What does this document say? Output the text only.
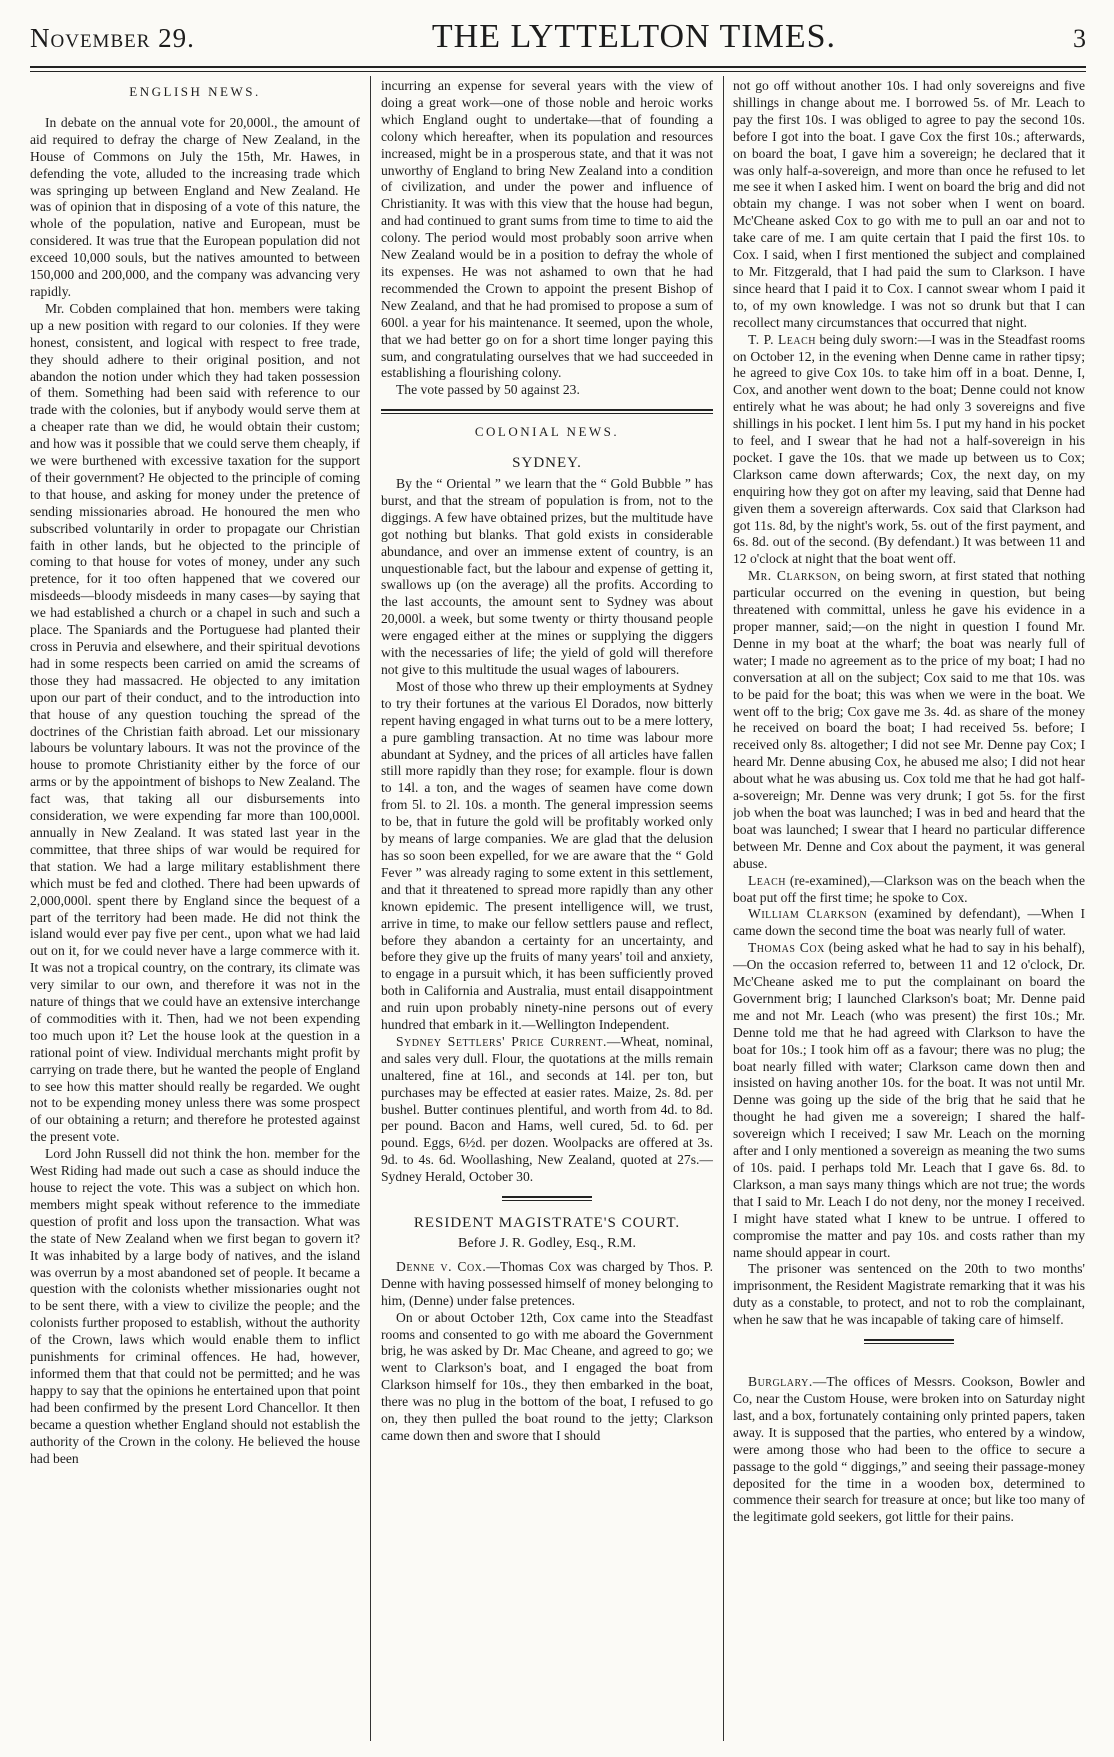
November 29.	THE LYTTELTON TIMES.	3
ENGLISH NEWS.

In debate on the annual vote for 20,000l., the amount of aid required to defray the charge of New Zealand, in the House of Commons on July the 15th, Mr. Hawes, in defending the vote, alluded to the increasing trade which was springing up between England and New Zealand. He was of opinion that in disposing of a vote of this nature, the whole of the population, native and European, must be considered. It was true that the European population did not exceed 10,000 souls, but the natives amounted to between 150,000 and 200,000, and the company was advancing very rapidly.

Mr. Cobden complained that hon. members were taking up a new position with regard to our colonies. If they were honest, consistent, and logical with respect to free trade, they should adhere to their original position, and not abandon the notion under which they had taken possession of them. Something had been said with reference to our trade with the colonies, but if anybody would serve them at a cheaper rate than we did, he would obtain their custom; and how was it possible that we could serve them cheaply, if we were burthened with excessive taxation for the support of their government? He objected to the principle of coming to that house, and asking for money under the pretence of sending missionaries abroad. He honoured the men who subscribed voluntarily in order to propagate our Christian faith in other lands, but he objected to the principle of coming to that house for votes of money, under any such pretence, for it too often happened that we covered our misdeeds—bloody misdeeds in many cases—by saying that we had established a church or a chapel in such and such a place. The Spaniards and the Portuguese had planted their cross in Peruvia and elsewhere, and their spiritual devotions had in some respects been carried on amid the screams of those they had massacred. He objected to any imitation upon our part of their conduct, and to the introduction into that house of any question touching the spread of the doctrines of the Christian faith abroad. Let our missionary labours be voluntary labours. It was not the province of the house to promote Christianity either by the force of our arms or by the appointment of bishops to New Zealand. The fact was, that taking all our disbursements into consideration, we were expending far more than 100,000l. annually in New Zealand. It was stated last year in the committee, that three ships of war would be required for that station. We had a large military establishment there which must be fed and clothed. There had been upwards of 2,000,000l. spent there by England since the bequest of a part of the territory had been made. He did not think the island would ever pay five per cent., upon what we had laid out on it, for we could never have a large commerce with it. It was not a tropical country, on the contrary, its climate was very similar to our own, and therefore it was not in the nature of things that we could have an extensive interchange of commodities with it. Then, had we not been expending too much upon it? Let the house look at the question in a rational point of view. Individual merchants might profit by carrying on trade there, but he wanted the people of England to see how this matter should really be regarded. We ought not to be expending money unless there was some prospect of our obtaining a return; and therefore he protested against the present vote.

Lord John Russell did not think the hon. member for the West Riding had made out such a case as should induce the house to reject the vote. This was a subject on which hon. members might speak without reference to the immediate question of profit and loss upon the transaction. What was the state of New Zealand when we first began to govern it? It was inhabited by a large body of natives, and the island was overrun by a most abandoned set of people. It became a question with the colonists whether missionaries ought not to be sent there, with a view to civilize the people; and the colonists further proposed to establish, without the authority of the Crown, laws which would enable them to inflict punishments for criminal offences. He had, however, informed them that that could not be permitted; and he was happy to say that the opinions he entertained upon that point had been confirmed by the present Lord Chancellor. It then became a question whether England should not establish the authority of the Crown in the colony. He believed the house had been

incurring an expense for several years with the view of doing a great work—one of those noble and heroic works which England ought to undertake—that of founding a colony which hereafter, when its population and resources increased, might be in a prosperous state, and that it was not unworthy of England to bring New Zealand into a condition of civilization, and under the power and influence of Christianity. It was with this view that the house had begun, and had continued to grant sums from time to time to aid the colony. The period would most probably soon arrive when New Zealand would be in a position to defray the whole of its expenses. He was not ashamed to own that he had recommended the Crown to appoint the present Bishop of New Zealand, and that he had promised to propose a sum of 600l. a year for his maintenance. It seemed, upon the whole, that we had better go on for a short time longer paying this sum, and congratulating ourselves that we had succeeded in establishing a flourishing colony.

The vote passed by 50 against 23.

COLONIAL NEWS.
SYDNEY.

By the “ Oriental ” we learn that the “ Gold Bubble ” has burst, and that the stream of population is from, not to the diggings. A few have obtained prizes, but the multitude have got nothing but blanks. That gold exists in considerable abundance, and over an immense extent of country, is an unquestionable fact, but the labour and expense of getting it, swallows up (on the average) all the profits. According to the last accounts, the amount sent to Sydney was about 20,000l. a week, but some twenty or thirty thousand people were engaged either at the mines or supplying the diggers with the necessaries of life; the yield of gold will therefore not give to this multitude the usual wages of labourers.

Most of those who threw up their employments at Sydney to try their fortunes at the various El Dorados, now bitterly repent having engaged in what turns out to be a mere lottery, a pure gambling transaction. At no time was labour more abundant at Sydney, and the prices of all articles have fallen still more rapidly than they rose; for example. flour is down to 14l. a ton, and the wages of seamen have come down from 5l. to 2l. 10s. a month. The general impression seems to be, that in future the gold will be profitably worked only by means of large companies. We are glad that the delusion has so soon been expelled, for we are aware that the “ Gold Fever ” was already raging to some extent in this settlement, and that it threatened to spread more rapidly than any other known epidemic. The present intelligence will, we trust, arrive in time, to make our fellow settlers pause and reflect, before they abandon a certainty for an uncertainty, and before they give up the fruits of many years' toil and anxiety, to engage in a pursuit which, it has been sufficiently proved both in California and Australia, must entail disappointment and ruin upon probably ninety-nine persons out of every hundred that embark in it.—Wellington Independent.

Sydney Settlers' Price Current.—Wheat, nominal, and sales very dull. Flour, the quotations at the mills remain unaltered, fine at 16l., and seconds at 14l. per ton, but purchases may be effected at easier rates. Maize, 2s. 8d. per bushel. Butter continues plentiful, and worth from 4d. to 8d. per pound. Bacon and Hams, well cured, 5d. to 6d. per pound. Eggs, 6½d. per dozen. Woolpacks are offered at 3s. 9d. to 4s. 6d. Woollashing, New Zealand, quoted at 27s.—Sydney Herald, October 30.

RESIDENT MAGISTRATE'S COURT.
Before J. R. Godley, Esq., R.M.

Denne v. Cox.—Thomas Cox was charged by Thos. P. Denne with having possessed himself of money belonging to him, (Denne) under false pretences.

On or about October 12th, Cox came into the Steadfast rooms and consented to go with me aboard the Government brig, he was asked by Dr. Mac Cheane, and agreed to go; we went to Clarkson's boat, and I engaged the boat from Clarkson himself for 10s., they then embarked in the boat, there was no plug in the bottom of the boat, I refused to go on, they then pulled the boat round to the jetty; Clarkson came down then and swore that I should

not go off without another 10s. I had only sovereigns and five shillings in change about me. I borrowed 5s. of Mr. Leach to pay the first 10s. I was obliged to agree to pay the second 10s. before I got into the boat. I gave Cox the first 10s.; afterwards, on board the boat, I gave him a sovereign; he declared that it was only half-a-sovereign, and more than once he refused to let me see it when I asked him. I went on board the brig and did not obtain my change. I was not sober when I went on board. Mc'Cheane asked Cox to go with me to pull an oar and not to take care of me. I am quite certain that I paid the first 10s. to Cox. I said, when I first mentioned the subject and complained to Mr. Fitzgerald, that I had paid the sum to Clarkson. I have since heard that I paid it to Cox. I cannot swear whom I paid it to, of my own knowledge. I was not so drunk but that I can recollect many circumstances that occurred that night.

T. P. Leach being duly sworn:—I was in the Steadfast rooms on October 12, in the evening when Denne came in rather tipsy; he agreed to give Cox 10s. to take him off in a boat. Denne, I, Cox, and another went down to the boat; Denne could not know entirely what he was about; he had only 3 sovereigns and five shillings in his pocket. I lent him 5s. I put my hand in his pocket to feel, and I swear that he had not a half-sovereign in his pocket. I gave the 10s. that we made up between us to Cox; Clarkson came down afterwards; Cox, the next day, on my enquiring how they got on after my leaving, said that Denne had given them a sovereign afterwards. Cox said that Clarkson had got 11s. 8d, by the night's work, 5s. out of the first payment, and 6s. 8d. out of the second. (By defendant.) It was between 11 and 12 o'clock at night that the boat went off.

Mr. Clarkson, on being sworn, at first stated that nothing particular occurred on the evening in question, but being threatened with committal, unless he gave his evidence in a proper manner, said;—on the night in question I found Mr. Denne in my boat at the wharf; the boat was nearly full of water; I made no agreement as to the price of my boat; I had no conversation at all on the subject; Cox said to me that 10s. was to be paid for the boat; this was when we were in the boat. We went off to the brig; Cox gave me 3s. 4d. as share of the money he received on board the boat; I had received 5s. before; I received only 8s. altogether; I did not see Mr. Denne pay Cox; I heard Mr. Denne abusing Cox, he abused me also; I did not hear about what he was abusing us. Cox told me that he had got half-a-sovereign; Mr. Denne was very drunk; I got 5s. for the first job when the boat was launched; I was in bed and heard that the boat was launched; I swear that I heard no particular difference between Mr. Denne and Cox about the payment, it was general abuse.

Leach (re-examined),—Clarkson was on the beach when the boat put off the first time; he spoke to Cox.

William Clarkson (examined by defendant), —When I came down the second time the boat was nearly full of water.

Thomas Cox (being asked what he had to say in his behalf),—On the occasion referred to, between 11 and 12 o'clock, Dr. Mc'Cheane asked me to put the complainant on board the Government brig; I launched Clarkson's boat; Mr. Denne paid me and not Mr. Leach (who was present) the first 10s.; Mr. Denne told me that he had agreed with Clarkson to have the boat for 10s.; I took him off as a favour; there was no plug; the boat nearly filled with water; Clarkson came down then and insisted on having another 10s. for the boat. It was not until Mr. Denne was going up the side of the brig that he said that he thought he had given me a sovereign; I shared the half-sovereign which I received; I saw Mr. Leach on the morning after and I only mentioned a sovereign as meaning the two sums of 10s. paid. I perhaps told Mr. Leach that I gave 6s. 8d. to Clarkson, a man says many things which are not true; the words that I said to Mr. Leach I do not deny, nor the money I received. I might have stated what I knew to be untrue. I offered to compromise the matter and pay 10s. and costs rather than my name should appear in court.

The prisoner was sentenced on the 20th to two months' imprisonment, the Resident Magistrate remarking that it was his duty as a constable, to protect, and not to rob the complainant, when he saw that he was incapable of taking care of himself.

Burglary.—The offices of Messrs. Cookson, Bowler and Co, near the Custom House, were broken into on Saturday night last, and a box, fortunately containing only printed papers, taken away. It is supposed that the parties, who entered by a window, were among those who had been to the office to secure a passage to the gold “ diggings,” and seeing their passage-money deposited for the time in a wooden box, determined to commence their search for treasure at once; but like too many of the legitimate gold seekers, got little for their pains.
